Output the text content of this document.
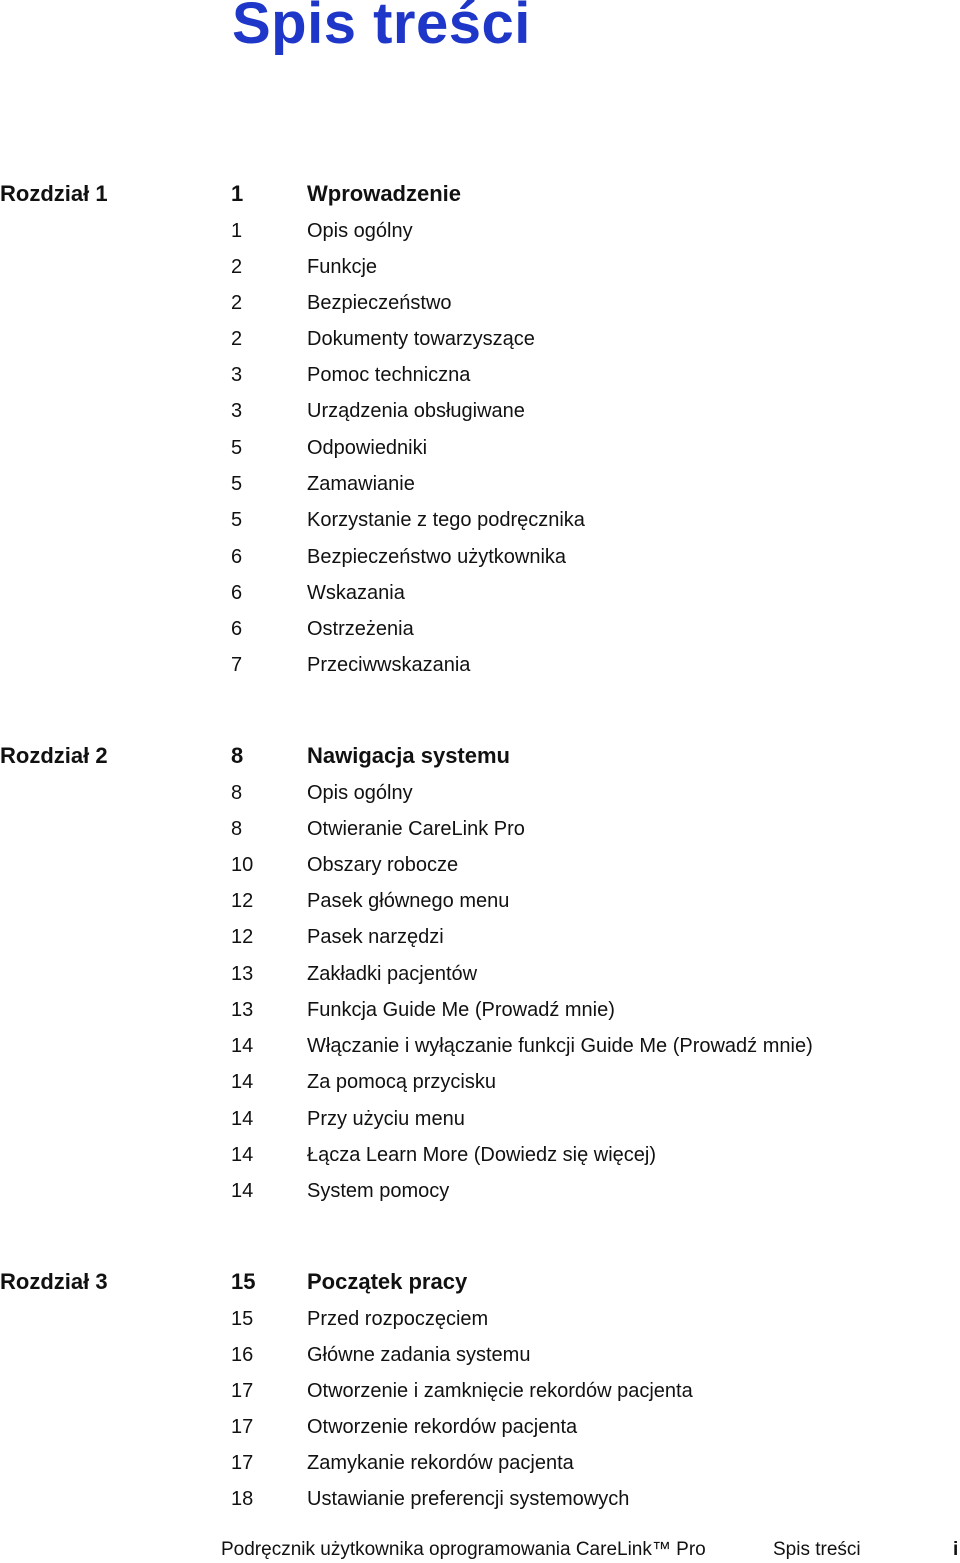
Spis treści
Rozdział 1	1	Wprowadzenie
1	Opis ogólny
2	Funkcje
2	Bezpieczeństwo
2	Dokumenty towarzyszące
3	Pomoc techniczna
3	Urządzenia obsługiwane
5	Odpowiedniki
5	Zamawianie
5	Korzystanie z tego podręcznika
6	Bezpieczeństwo użytkownika
6	Wskazania
6	Ostrzeżenia
7	Przeciwwskazania
Rozdział 2	8	Nawigacja systemu
8	Opis ogólny
8	Otwieranie CareLink Pro
10	Obszary robocze
12	Pasek głównego menu
12	Pasek narzędzi
13	Zakładki pacjentów
13	Funkcja Guide Me (Prowadź mnie)
14	Włączanie i wyłączanie funkcji Guide Me (Prowadź mnie)
14	Za pomocą przycisku
14	Przy użyciu menu
14	Łącza Learn More (Dowiedz się więcej)
14	System pomocy
Rozdział 3	15 Początek pracy
15	Przed rozpoczęciem
16	Główne zadania systemu
17	Otworzenie i zamknięcie rekordów pacjenta
17	Otworzenie rekordów pacjenta
17	Zamykanie rekordów pacjenta
18	Ustawianie preferencji systemowych
Podręcznik użytkownika oprogramowania CareLink™ Pro	Spis treści	i
